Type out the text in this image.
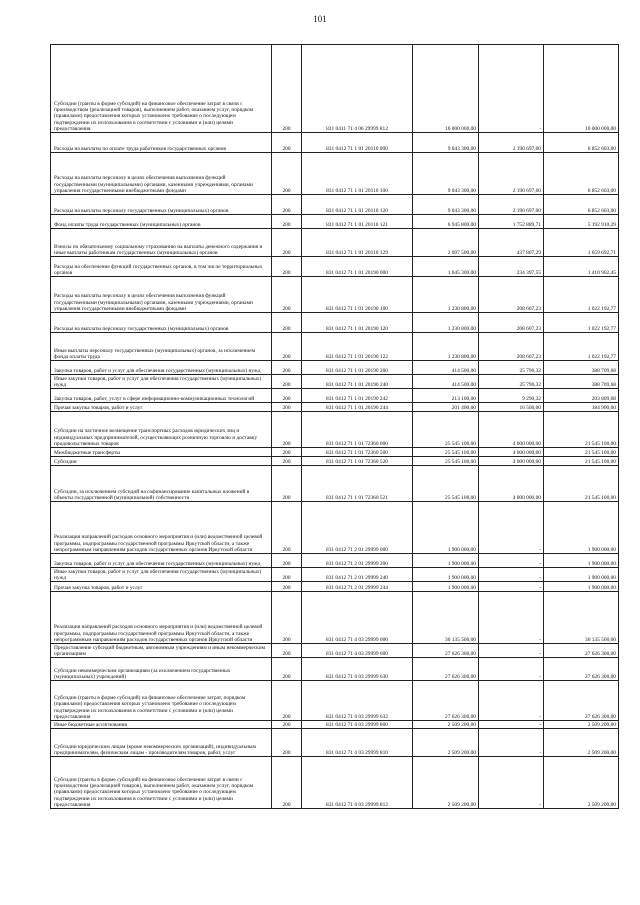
101
Субсидии (гранты в форме субсидий) на финансовое обеспечение затрат в связи с производством (реализацией товаров), выполнением работ, оказанием услуг, порядком (правилами) предоставления которых установлено требование о последующем подтверждении их использования в соответствии с условиями и (или) целями предоставления	200	831 0411 71 4 06 29999 812	10 000 000,00	-	10 000 000,00
Расходы на выплаты по оплате труда работников государственных органов	200	831 0412 71 1 01 20110 000	9 043 300,00	2 190 697,00	6 852 603,00
Расходы на выплаты персоналу в целях обеспечения выполнения функций государственными (муниципальными) органами, казенными учреждениями, органами управления государственными внебюджетными фондами	200	831 0412 71 1 01 20110 100	9 043 300,00	2 190 697,00	6 852 603,00
Расходы на выплаты персоналу государственных (муниципальных) органов	200	831 0412 71 1 01 20110 120	9 043 300,00	2 190 697,00	6 852 603,00
Фонд оплаты труда государственных (муниципальных) органов	200	831 0412 71 1 01 20110 121	6 945 800,00	1 752 889,71	5 192 910,29
Взносы по обязательному социальному страхованию на выплаты денежного содержания и иные выплаты работникам государственных (муниципальных) органов	200	831 0412 71 1 01 20110 129	2 097 500,00	437 807,29	1 659 692,71
Расходы на обеспечение функций государственных органов, в том числе территориальных органов	200	831 0412 71 1 01 20190 000	1 645 300,00	234 397,55	1 410 902,45
Расходы на выплаты персоналу в целях обеспечения выполнения функций государственными (муниципальными) органами, казенными учреждениями, органами управления государственными внебюджетными фондами	200	831 0412 71 1 01 20190 100	1 230 800,00	208 607,23	1 022 192,77
Расходы на выплаты персоналу государственных (муниципальных) органов	200	831 0412 71 1 01 20190 120	1 230 800,00	208 607,23	1 022 192,77
Иные выплаты персоналу государственных (муниципальных) органов, за исключением фонда оплаты труда	200	831 0412 71 1 01 20190 122	1 230 800,00	208 607,23	1 022 192,77
Закупка товаров, работ и услуг для обеспечения государственных (муниципальных) нужд	200	831 0412 71 1 01 20190 200	414 500,00	25 790,32	388 709,68
Иные закупки товаров, работ и услуг для обеспечения государственных (муниципальных) нужд	200	831 0412 71 1 01 20190 240	414 500,00	25 790,32	388 709,68
Закупка товаров, работ, услуг в сфере информационно-коммуникационных технологий	200	831 0412 71 1 01 20190 242	213 100,00	9 290,32	203 809,68
Прочая закупка товаров, работ и услуг	200	831 0412 71 1 01 20190 244	201 400,00	16 500,00	184 900,00
Субсидии на частичное возмещение транспортных расходов юридических лиц и индивидуальных предпринимателей, осуществляющих розничную торговлю и доставку продовольственных товаров	200	831 0412 71 1 01 72360 000	25 545 100,00	4 000 000,00	21 545 100,00
Межбюджетные трансферты	200	831 0412 71 1 01 72360 500	25 545 100,00	4 000 000,00	21 545 100,00
Субсидии	200	831 0412 71 1 01 72360 520	25 545 100,00	4 000 000,00	21 545 100,00
Субсидии, за исключением субсидий на софинансирование капитальных вложений в объекты государственной (муниципальной) собственности	200	831 0412 71 1 01 72360 521	25 545 100,00	4 000 000,00	21 545 100,00
Реализация направлений расходов основного мероприятия и (или) ведомственной целевой программы, подпрограммы государственной программы Иркутской области, а также непрограммным направлениям расходов государственных органов Иркутской области	200	831 0412 71 2 01 29999 000	1 900 000,00	-	1 900 000,00
Закупка товаров, работ и услуг для обеспечения государственных (муниципальных) нужд	200	831 0412 71 2 01 29999 200	1 900 000,00	-	1 900 000,00
Иные закупки товаров, работ и услуг для обеспечения государственных (муниципальных) нужд	200	831 0412 71 2 01 29999 240	1 900 000,00	-	1 900 000,00
Прочая закупка товаров, работ и услуг	200	831 0412 71 2 01 29999 244	1 900 000,00	-	1 900 000,00
Реализация направлений расходов основного мероприятия и (или) ведомственной целевой программы, подпрограммы государственной программы Иркутской области, а также непрограммным направлениям расходов государственных органов Иркутской области	200	831 0412 71 4 03 29999 000	30 135 500,00	-	30 135 500,00
Предоставление субсидий бюджетным, автономным учреждениям и иным некоммерческим организациям	200	831 0412 71 4 03 29999 600	27 626 300,00	-	27 626 300,00
Субсидии некоммерческим организациям (за исключением государственных (муниципальных) учреждений)	200	831 0412 71 4 03 29999 630	27 626 300,00	-	27 626 300,00
Субсидии (гранты в форме субсидий) на финансовое обеспечение затрат, порядком (правилами) предоставления которых установлено требование о последующем подтверждении их использования в соответствии с условиями и (или) целями предоставления	200	831 0412 71 4 03 29999 632	27 626 300,00	-	27 626 300,00
Иные бюджетные ассигнования	200	831 0412 71 4 03 29999 800	2 509 200,00	-	2 509 200,00
Субсидии юридическим лицам (кроме некоммерческих организаций), индивидуальным предпринимателям, физическим лицам - производителям товаров, работ, услуг	200	831 0412 71 4 03 29999 810	2 509 200,00	-	2 509 200,00
Субсидии (гранты в форме субсидий) на финансовое обеспечение затрат в связи с производством (реализацией товаров), выполнением работ, оказанием услуг, порядком (правилами) предоставления которых установлено требование о последующем подтверждении их использования в соответствии с условиями и (или) целями предоставления	200	831 0412 71 4 03 29999 812	2 509 200,00	-	2 509 200,00
